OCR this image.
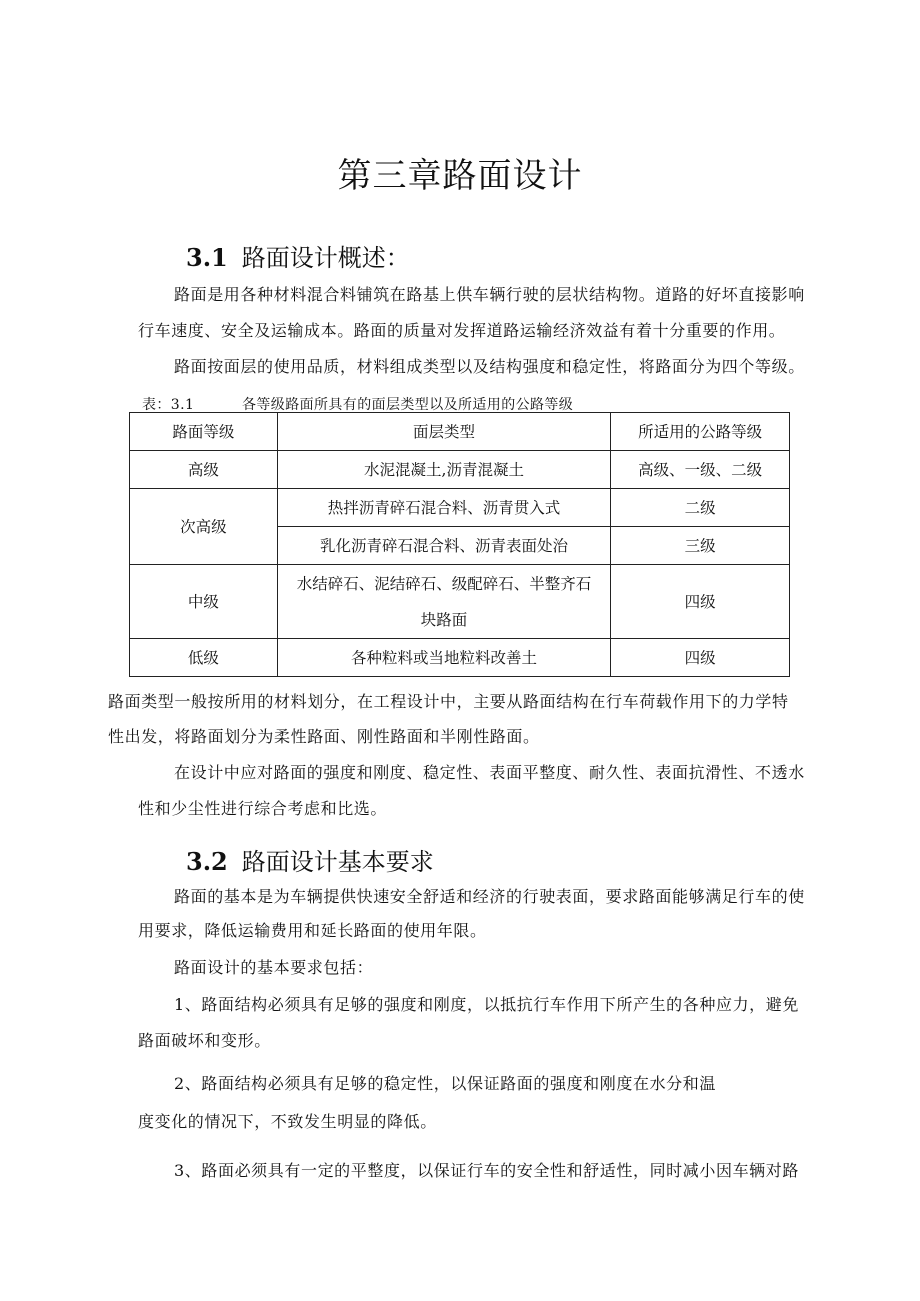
第三章路面设计
3.1 路面设计概述：
路面是用各种材料混合料铺筑在路基上供车辆行驶的层状结构物。道路的好坏直接影响
行车速度、安全及运输成本。路面的质量对发挥道路运输经济效益有着十分重要的作用。
路面按面层的使用品质，材料组成类型以及结构强度和稳定性，将路面分为四个等级。
表：3.1	各等级路面所具有的面层类型以及所适用的公路等级
路面等级	面层类型	所适用的公路等级
高级	水泥混凝土,沥青混凝土	高级、一级、二级
次高级	热拌沥青碎石混合料、沥青贯入式	二级
	乳化沥青碎石混合料、沥青表面处治	三级
中级	水结碎石、泥结碎石、级配碎石、半整齐石
块路面	四级
低级	各种粒料或当地粒料改善土	四级
路面类型一般按所用的材料划分，在工程设计中，主要从路面结构在行车荷载作用下的力学特
性出发，将路面划分为柔性路面、刚性路面和半刚性路面。
在设计中应对路面的强度和刚度、稳定性、表面平整度、耐久性、表面抗滑性、不透水
性和少尘性进行综合考虑和比选。
3.2 路面设计基本要求
路面的基本是为车辆提供快速安全舒适和经济的行驶表面，要求路面能够满足行车的使
用要求，降低运输费用和延长路面的使用年限。
路面设计的基本要求包括：
1、路面结构必须具有足够的强度和刚度，以抵抗行车作用下所产生的各种应力，避免
路面破坏和变形。
2、路面结构必须具有足够的稳定性，以保证路面的强度和刚度在水分和温
度变化的情况下，不致发生明显的降低。
3、路面必须具有一定的平整度，以保证行车的安全性和舒适性，同时减小因车辆对路
